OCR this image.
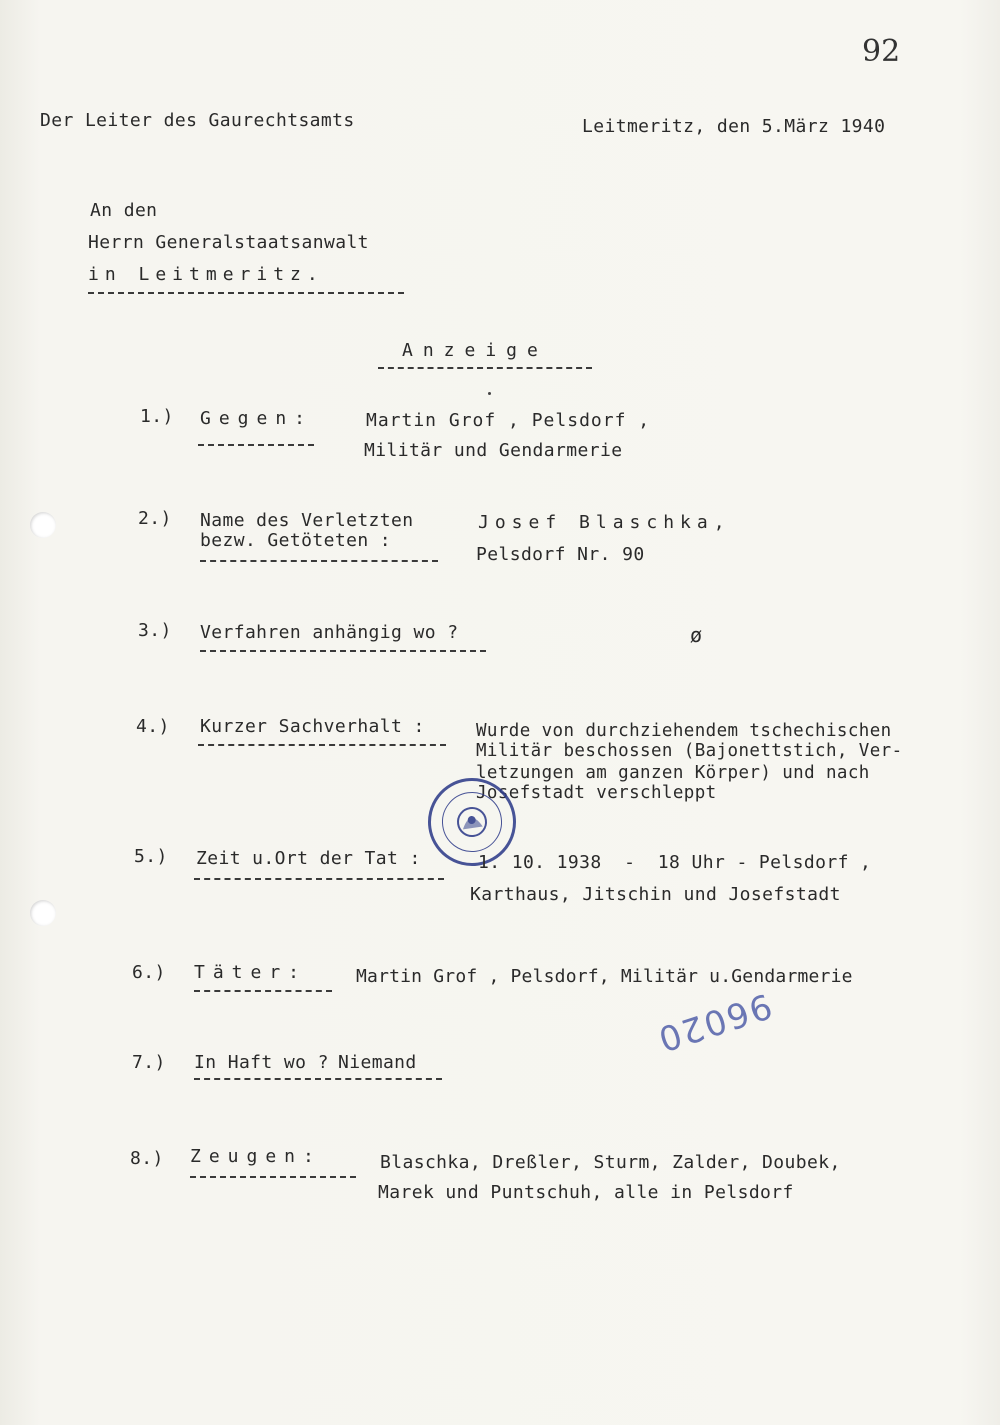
92
Der Leiter des Gaurechtsamts	Leitmeritz, den 5.März 1940
An den
Herrn Generalstaatsanwalt
in Leitmeritz.
Anzeige
1.) Gegen:	Martin Grof , Pelsdorf ,
Militär und Gendarmerie
2.) Name des Verletzten
bezw. Getöteten :
Josef Blaschka,
Pelsdorf Nr. 90
3.) Verfahren anhängig wo ?	ø
4.) Kurzer Sachverhalt :	Wurde von durchziehendem tschechischen
Militär beschossen (Bajonettstich, Ver-
letzungen am ganzen Körper) und nach
Josefstadt verschleppt
5.) Zeit u.Ort der Tat :	1. 10. 1938  -  18 Uhr - Pelsdorf ,
Karthaus, Jitschin und Josefstadt
6.) Täter:	Martin Grof , Pelsdorf, Militär u.Gendarmerie
96020
7.) In Haft wo ? Niemand
8.) Zeugen:	Blaschka, Dreßler, Sturm, Zalder, Doubek,
Marek und Puntschuh, alle in Pelsdorf
